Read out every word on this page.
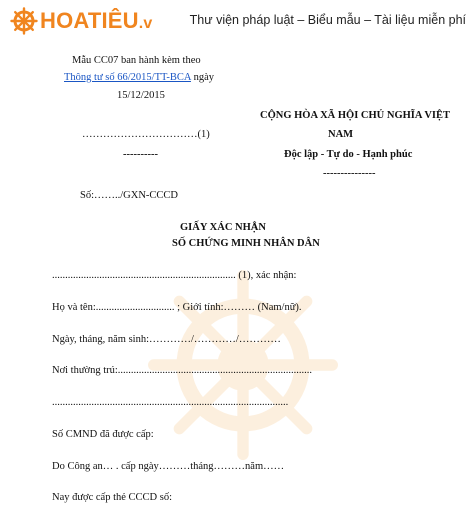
HOATIÊU.v	Thư viện pháp luật – Biểu mẫu – Tài liệu miễn phí
Mẫu CC07 ban hành kèm theo
Thông tư số 66/2015/TT-BCA ngày
15/12/2015
……………………………(1)
----------
Số:……../GXN-CCCD
CỘNG HÒA XÃ HỘI CHỦ NGHĨA VIỆT
NAM
Độc lập - Tự do - Hạnh phúc
---------------
GIẤY XÁC NHẬN
SỐ CHỨNG MINH NHÂN DÂN
...................................................................... (1), xác nhận:
Họ và tên:.............................. ; Giới tính:……… (Nam/nữ).
Ngày, tháng, năm sinh:…………/…………/…………
Nơi thường trú:..........................................................................
..........................................................................................
Số CMND đã được cấp:
Do Công an… . cấp ngày………tháng………năm……
Nay được cấp thẻ CCCD số:
